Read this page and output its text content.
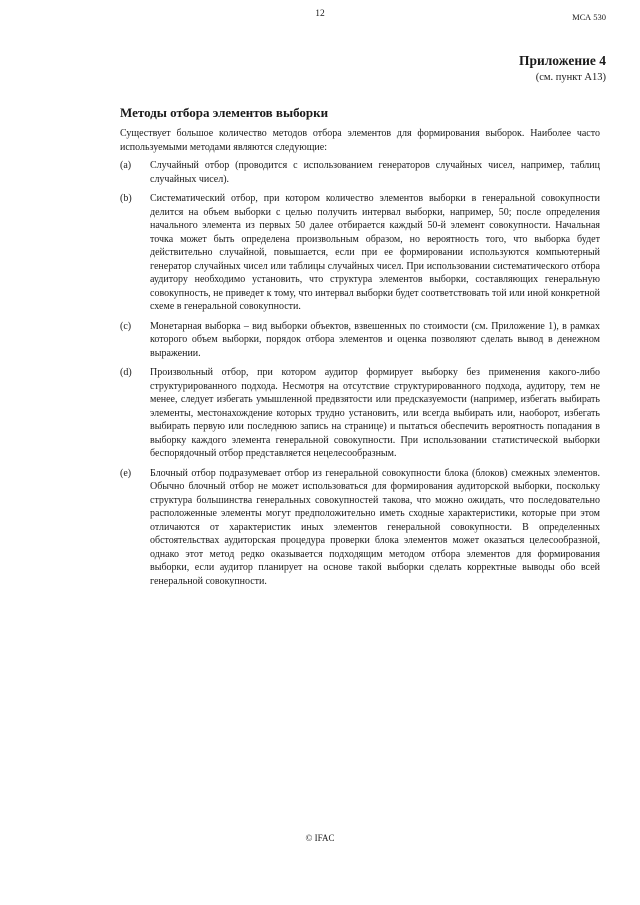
12	МСА 530
Приложение 4
(см. пункт А13)
Методы отбора элементов выборки

Существует большое количество методов отбора элементов для формирования выборок. Наиболее часто используемыми методами являются следующие:

(a)	Случайный отбор (проводится с использованием генераторов случайных чисел, например, таблиц случайных чисел).
(b)	Систематический отбор, при котором количество элементов выборки в генеральной совокупности делится на объем выборки с целью получить интервал выборки, например, 50; после определения начального элемента из первых 50 далее отбирается каждый 50-й элемент совокупности. Начальная точка может быть определена произвольным образом, но вероятность того, что выборка будет действительно случайной, повышается, если при ее формировании используются компьютерный генератор случайных чисел или таблицы случайных чисел. При использовании систематического отбора аудитору необходимо установить, что структура элементов выборки, составляющих генеральную совокупность, не приведет к тому, что интервал выборки будет соответствовать той или иной конкретной схеме в генеральной совокупности.
(c)	Монетарная выборка – вид выборки объектов, взвешенных по стоимости (см. Приложение 1), в рамках которого объем выборки, порядок отбора элементов и оценка позволяют сделать вывод в денежном выражении.
(d)	Произвольный отбор, при котором аудитор формирует выборку без применения какого-либо структурированного подхода. Несмотря на отсутствие структурированного подхода, аудитору, тем не менее, следует избегать умышленной предвзятости или предсказуемости (например, избегать выбирать элементы, местонахождение которых трудно установить, или всегда выбирать или, наоборот, избегать выбирать первую или последнюю запись на странице) и пытаться обеспечить вероятность попадания в выборку каждого элемента генеральной совокупности. При использовании статистической выборки беспорядочный отбор представляется нецелесообразным.
(e)	Блочный отбор подразумевает отбор из генеральной совокупности блока (блоков) смежных элементов. Обычно блочный отбор не может использоваться для формирования аудиторской выборки, поскольку структура большинства генеральных совокупностей такова, что можно ожидать, что последовательно расположенные элементы могут предположительно иметь сходные характеристики, которые при этом отличаются от характеристик иных элементов генеральной совокупности. В определенных обстоятельствах аудиторская процедура проверки блока элементов может оказаться целесообразной, однако этот метод редко оказывается подходящим методом отбора элементов для формирования выборки, если аудитор планирует на основе такой выборки сделать корректные выводы обо всей генеральной совокупности.
© IFAC
